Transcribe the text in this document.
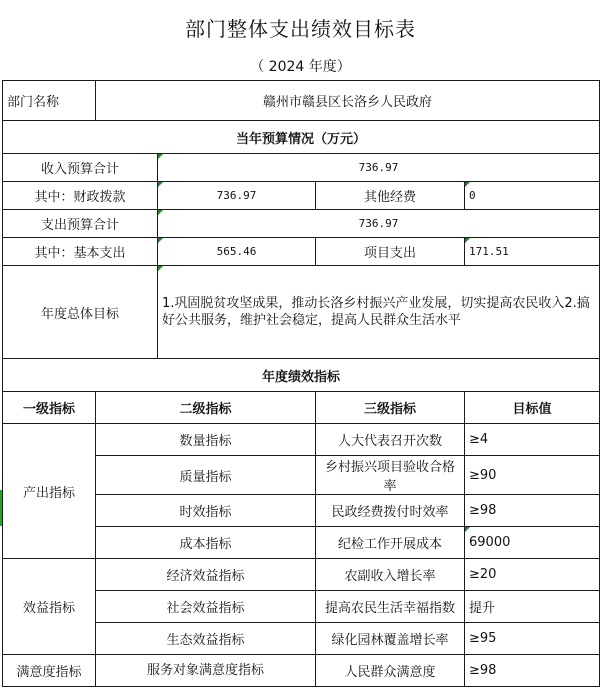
部门整体支出绩效目标表
（ 2024 年度）
部门名称	赣州市赣县区长洛乡人民政府			
当年预算情况（万元）				
收入预算合计		736.97		
其中：财政拨款		736.97	其他经费	0
支出预算合计		736.97		
其中：基本支出		565.46	项目支出	171.51
年度总体目标		1.巩固脱贫攻坚成果，推动长洛乡村振兴产业发展，切实提高农民收入2.搞好公共服务，维护社会稳定，提高人民群众生活水平		
年度绩效指标				
一级指标	二级指标		三级指标	目标值
产出指标	数量指标		人大代表召开次数	≥4
	质量指标		乡村振兴项目验收合格率	≥90
	时效指标		民政经费拨付时效率	≥98
	成本指标		纪检工作开展成本	69000
效益指标	经济效益指标		农副收入增长率	≥20
	社会效益指标		提高农民生活幸福指数	提升
	生态效益指标		绿化园林覆盖增长率	≥95
满意度指标	服务对象满意度指标		人民群众满意度	≥98
